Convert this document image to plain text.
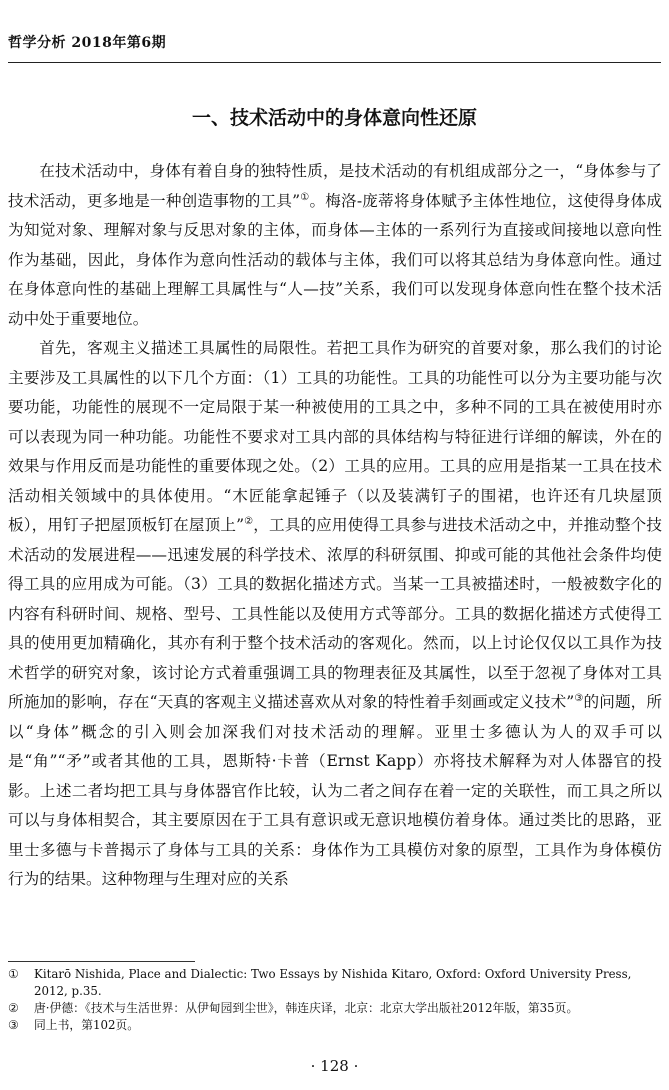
哲学分析 2018年第6期
一、技术活动中的身体意向性还原

在技术活动中，身体有着自身的独特性质，是技术活动的有机组成部分之一，“身体参与了技术活动，更多地是一种创造事物的工具”①。梅洛-庞蒂将身体赋予主体性地位，这使得身体成为知觉对象、理解对象与反思对象的主体，而身体—主体的一系列行为直接或间接地以意向性作为基础，因此，身体作为意向性活动的载体与主体，我们可以将其总结为身体意向性。通过在身体意向性的基础上理解工具属性与“人—技”关系，我们可以发现身体意向性在整个技术活动中处于重要地位。

首先，客观主义描述工具属性的局限性。若把工具作为研究的首要对象，那么我们的讨论主要涉及工具属性的以下几个方面：（1）工具的功能性。工具的功能性可以分为主要功能与次要功能，功能性的展现不一定局限于某一种被使用的工具之中，多种不同的工具在被使用时亦可以表现为同一种功能。功能性不要求对工具内部的具体结构与特征进行详细的解读，外在的效果与作用反而是功能性的重要体现之处。（2）工具的应用。工具的应用是指某一工具在技术活动相关领域中的具体使用。“木匠能拿起锤子（以及装满钉子的围裙，也许还有几块屋顶板），用钉子把屋顶板钉在屋顶上”②，工具的应用使得工具参与进技术活动之中，并推动整个技术活动的发展进程——迅速发展的科学技术、浓厚的科研氛围、抑或可能的其他社会条件均使得工具的应用成为可能。（3）工具的数据化描述方式。当某一工具被描述时，一般被数字化的内容有科研时间、规格、型号、工具性能以及使用方式等部分。工具的数据化描述方式使得工具的使用更加精确化，其亦有利于整个技术活动的客观化。然而，以上讨论仅仅以工具作为技术哲学的研究对象，该讨论方式着重强调工具的物理表征及其属性，以至于忽视了身体对工具所施加的影响，存在“天真的客观主义描述喜欢从对象的特性着手刻画或定义技术”③的问题，所以“身体”概念的引入则会加深我们对技术活动的理解。亚里士多德认为人的双手可以是“角”“矛”或者其他的工具，恩斯特·卡普（Ernst Kapp）亦将技术解释为对人体器官的投影。上述二者均把工具与身体器官作比较，认为二者之间存在着一定的关联性，而工具之所以可以与身体相契合，其主要原因在于工具有意识或无意识地模仿着身体。通过类比的思路，亚里士多德与卡普揭示了身体与工具的关系：身体作为工具模仿对象的原型，工具作为身体模仿行为的结果。这种物理与生理对应的关系

①	Kitarō Nishida, Place and Dialectic: Two Essays by Nishida Kitaro, Oxford: Oxford University Press, 2012, p.35.
②	唐·伊德：《技术与生活世界：从伊甸园到尘世》，韩连庆译，北京：北京大学出版社2012年版，第35页。
③	同上书，第102页。
· 128 ·
